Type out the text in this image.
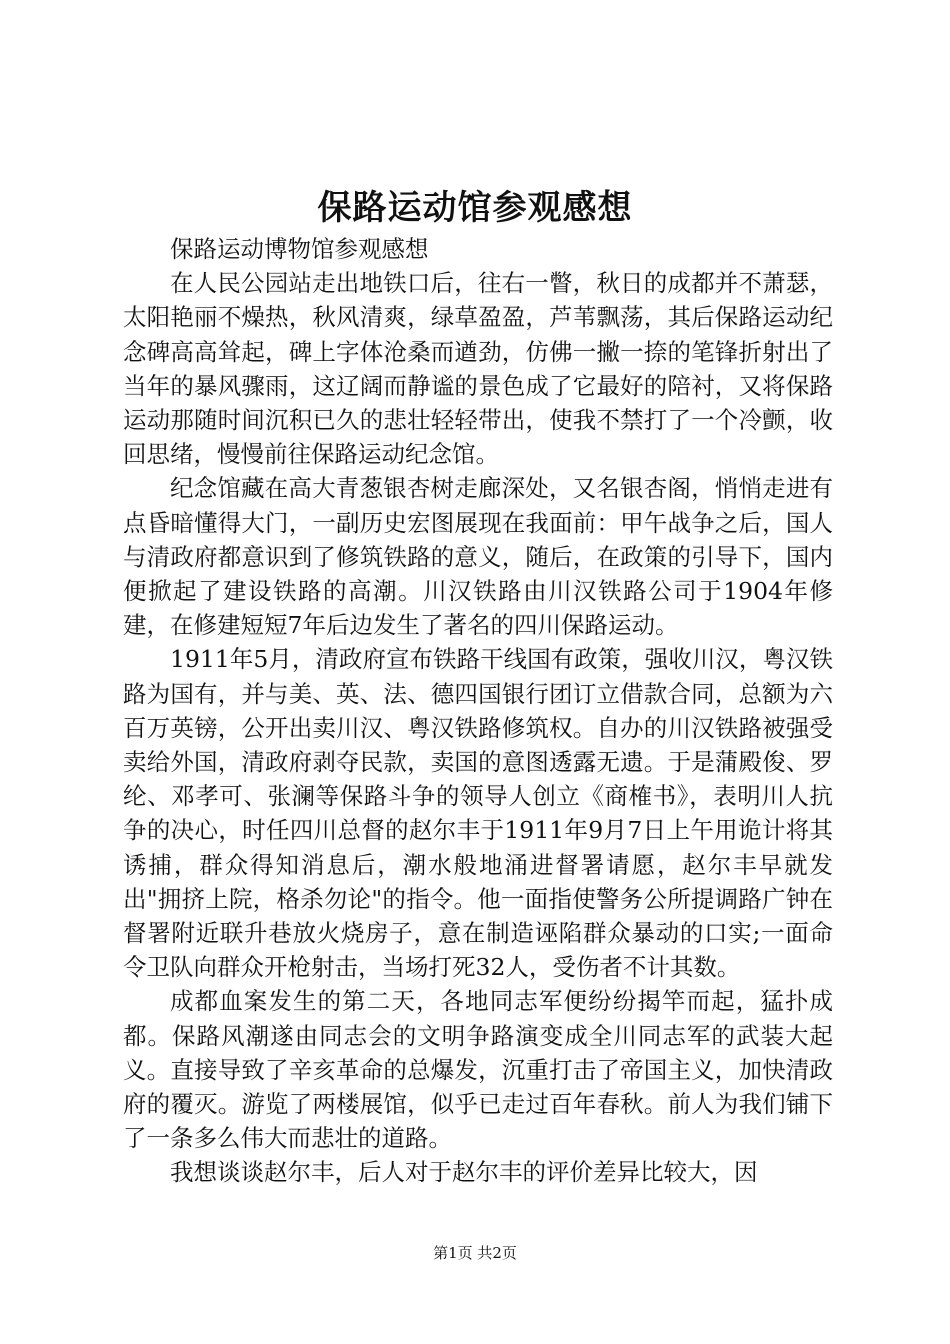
保路运动馆参观感想

保路运动博物馆参观感想

在人民公园站走出地铁口后，往右一瞥，秋日的成都并不萧瑟，太阳艳丽不燥热，秋风清爽，绿草盈盈，芦苇飘荡，其后保路运动纪念碑高高耸起，碑上字体沧桑而遒劲，仿佛一撇一捺的笔锋折射出了当年的暴风骤雨，这辽阔而静谧的景色成了它最好的陪衬，又将保路运动那随时间沉积已久的悲壮轻轻带出，使我不禁打了一个冷颤，收回思绪，慢慢前往保路运动纪念馆。

纪念馆藏在高大青葱银杏树走廊深处，又名银杏阁，悄悄走进有点昏暗懂得大门，一副历史宏图展现在我面前：甲午战争之后，国人与清政府都意识到了修筑铁路的意义，随后，在政策的引导下，国内便掀起了建设铁路的高潮。川汉铁路由川汉铁路公司于1904年修建，在修建短短7年后边发生了著名的四川保路运动。

1911年5月，清政府宣布铁路干线国有政策，强收川汉，粤汉铁路为国有，并与美、英、法、德四国银行团订立借款合同，总额为六百万英镑，公开出卖川汉、粤汉铁路修筑权。自办的川汉铁路被强受卖给外国，清政府剥夺民款，卖国的意图透露无遗。于是蒲殿俊、罗纶、邓孝可、张澜等保路斗争的领导人创立《商榷书》，表明川人抗争的决心，时任四川总督的赵尔丰于1911年9月7日上午用诡计将其诱捕，群众得知消息后，潮水般地涌进督署请愿，赵尔丰早就发出"拥挤上院，格杀勿论"的指令。他一面指使警务公所提调路广钟在督署附近联升巷放火烧房子，意在制造诬陷群众暴动的口实;一面命令卫队向群众开枪射击，当场打死32人，受伤者不计其数。

成都血案发生的第二天，各地同志军便纷纷揭竿而起，猛扑成都。保路风潮遂由同志会的文明争路演变成全川同志军的武装大起义。直接导致了辛亥革命的总爆发，沉重打击了帝国主义，加快清政府的覆灭。游览了两楼展馆，似乎已走过百年春秋。前人为我们铺下了一条多么伟大而悲壮的道路。

我想谈谈赵尔丰，后人对于赵尔丰的评价差异比较大，因

第1页 共2页
